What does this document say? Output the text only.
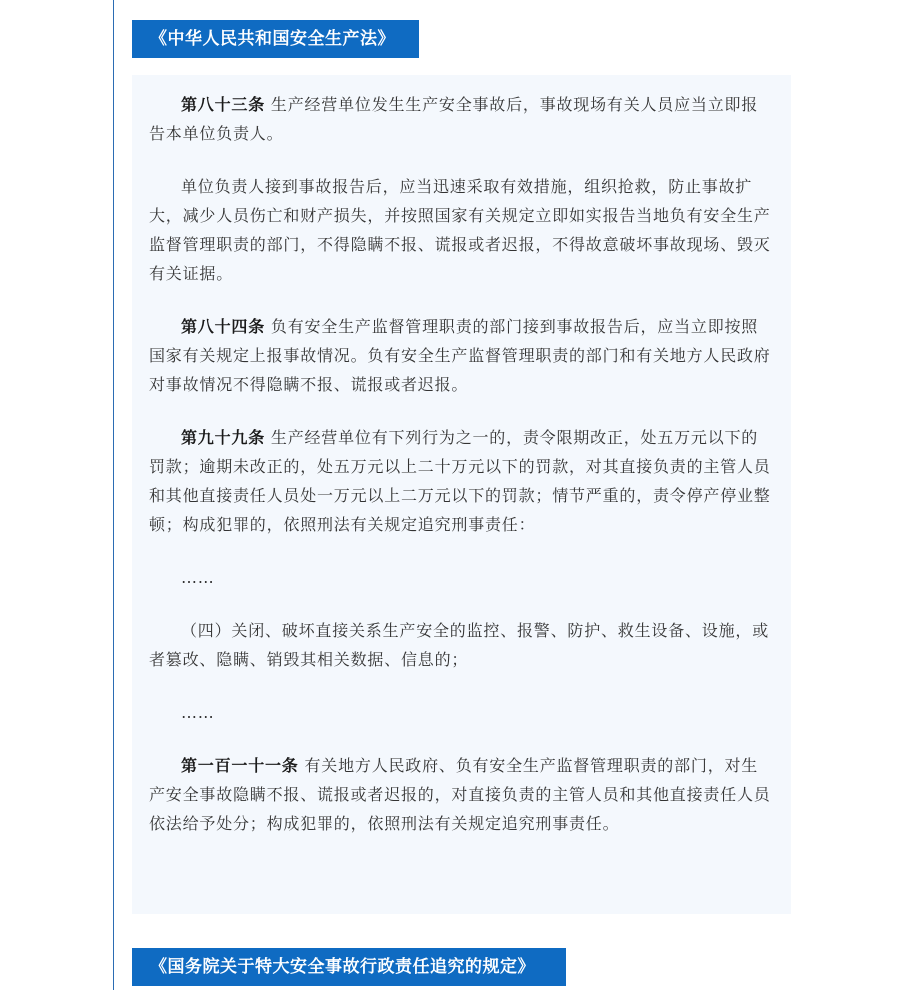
《中华人民共和国安全生产法》

第八十三条 生产经营单位发生生产安全事故后，事故现场有关人员应当立即报告本单位负责人。

单位负责人接到事故报告后，应当迅速采取有效措施，组织抢救，防止事故扩大，减少人员伤亡和财产损失，并按照国家有关规定立即如实报告当地负有安全生产监督管理职责的部门，不得隐瞒不报、谎报或者迟报，不得故意破坏事故现场、毁灭有关证据。

第八十四条 负有安全生产监督管理职责的部门接到事故报告后，应当立即按照国家有关规定上报事故情况。负有安全生产监督管理职责的部门和有关地方人民政府对事故情况不得隐瞒不报、谎报或者迟报。

第九十九条 生产经营单位有下列行为之一的，责令限期改正，处五万元以下的罚款；逾期未改正的，处五万元以上二十万元以下的罚款，对其直接负责的主管人员和其他直接责任人员处一万元以上二万元以下的罚款；情节严重的，责令停产停业整顿；构成犯罪的，依照刑法有关规定追究刑事责任：

……

（四）关闭、破坏直接关系生产安全的监控、报警、防护、救生设备、设施，或者篡改、隐瞒、销毁其相关数据、信息的；

……

第一百一十一条 有关地方人民政府、负有安全生产监督管理职责的部门，对生产安全事故隐瞒不报、谎报或者迟报的，对直接负责的主管人员和其他直接责任人员依法给予处分；构成犯罪的，依照刑法有关规定追究刑事责任。

《国务院关于特大安全事故行政责任追究的规定》
